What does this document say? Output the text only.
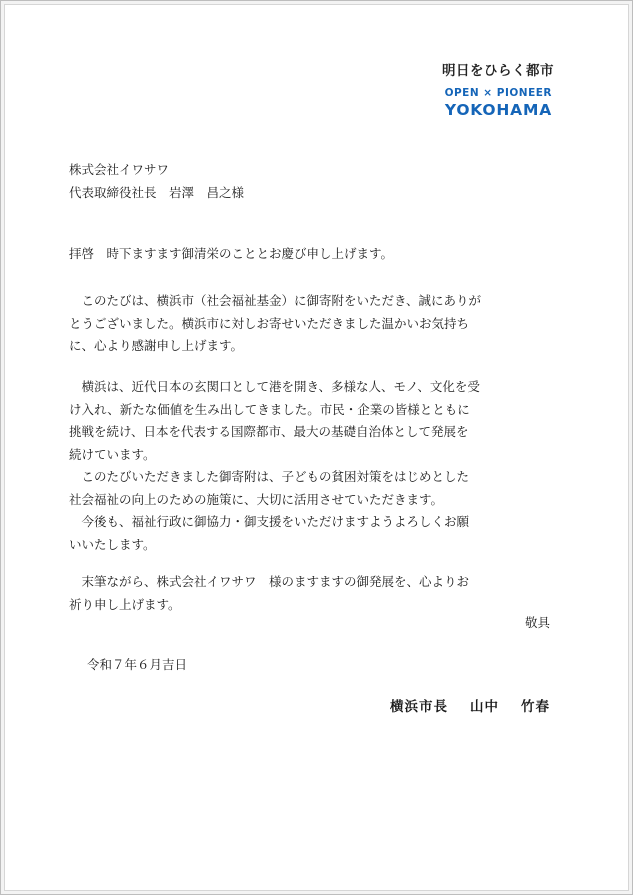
明日をひらく都市
OPEN × PIONEER
YOKOHAMA
株式会社イワサワ
代表取締役社長　岩澤　昌之様
拝啓　時下ますます御清栄のこととお慶び申し上げます。
　このたびは、横浜市（社会福祉基金）に御寄附をいただき、誠にありが
とうございました。横浜市に対しお寄せいただきました温かいお気持ち
に、心より感謝申し上げます。
　横浜は、近代日本の玄関口として港を開き、多様な人、モノ、文化を受
け入れ、新たな価値を生み出してきました。市民・企業の皆様とともに
挑戦を続け、日本を代表する国際都市、最大の基礎自治体として発展を
続けています。
　このたびいただきました御寄附は、子どもの貧困対策をはじめとした
社会福祉の向上のための施策に、大切に活用させていただきます。
　今後も、福祉行政に御協力・御支援をいただけますようよろしくお願
いいたします。
　末筆ながら、株式会社イワサワ　様のますますの御発展を、心よりお
祈り申し上げます。
敬具
令和７年６月吉日
横浜市長 山中 竹春
